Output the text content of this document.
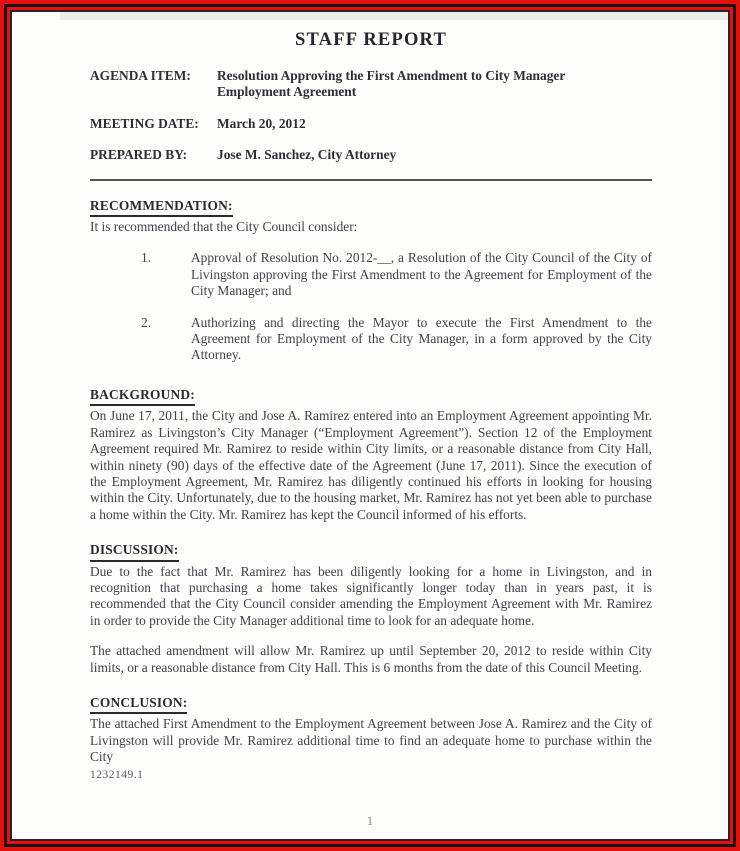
STAFF REPORT
AGENDA ITEM:	Resolution Approving the First Amendment to City Manager Employment Agreement
MEETING DATE:	March 20, 2012
PREPARED BY:	Jose M. Sanchez, City Attorney
RECOMMENDATION:

It is recommended that the City Council consider:

1.	Approval of Resolution No. 2012-__, a Resolution of the City Council of the City of Livingston approving the First Amendment to the Agreement for Employment of the City Manager; and
2.	Authorizing and directing the Mayor to execute the First Amendment to the Agreement for Employment of the City Manager, in a form approved by the City Attorney.
BACKGROUND:

On June 17, 2011, the City and Jose A. Ramirez entered into an Employment Agreement appointing Mr. Ramirez as Livingston’s City Manager (“Employment Agreement”). Section 12 of the Employment Agreement required Mr. Ramirez to reside within City limits, or a reasonable distance from City Hall, within ninety (90) days of the effective date of the Agreement (June 17, 2011). Since the execution of the Employment Agreement, Mr. Ramirez has diligently continued his efforts in looking for housing within the City. Unfortunately, due to the housing market, Mr. Ramirez has not yet been able to purchase a home within the City. Mr. Ramirez has kept the Council informed of his efforts.

DISCUSSION:

Due to the fact that Mr. Ramirez has been diligently looking for a home in Livingston, and in recognition that purchasing a home takes significantly longer today than in years past, it is recommended that the City Council consider amending the Employment Agreement with Mr. Ramirez in order to provide the City Manager additional time to look for an adequate home.

The attached amendment will allow Mr. Ramirez up until September 20, 2012 to reside within City limits, or a reasonable distance from City Hall. This is 6 months from the date of this Council Meeting.

CONCLUSION:

The attached First Amendment to the Employment Agreement between Jose A. Ramirez and the City of Livingston will provide Mr. Ramirez additional time to find an adequate home to purchase within the City

1232149.1
1
